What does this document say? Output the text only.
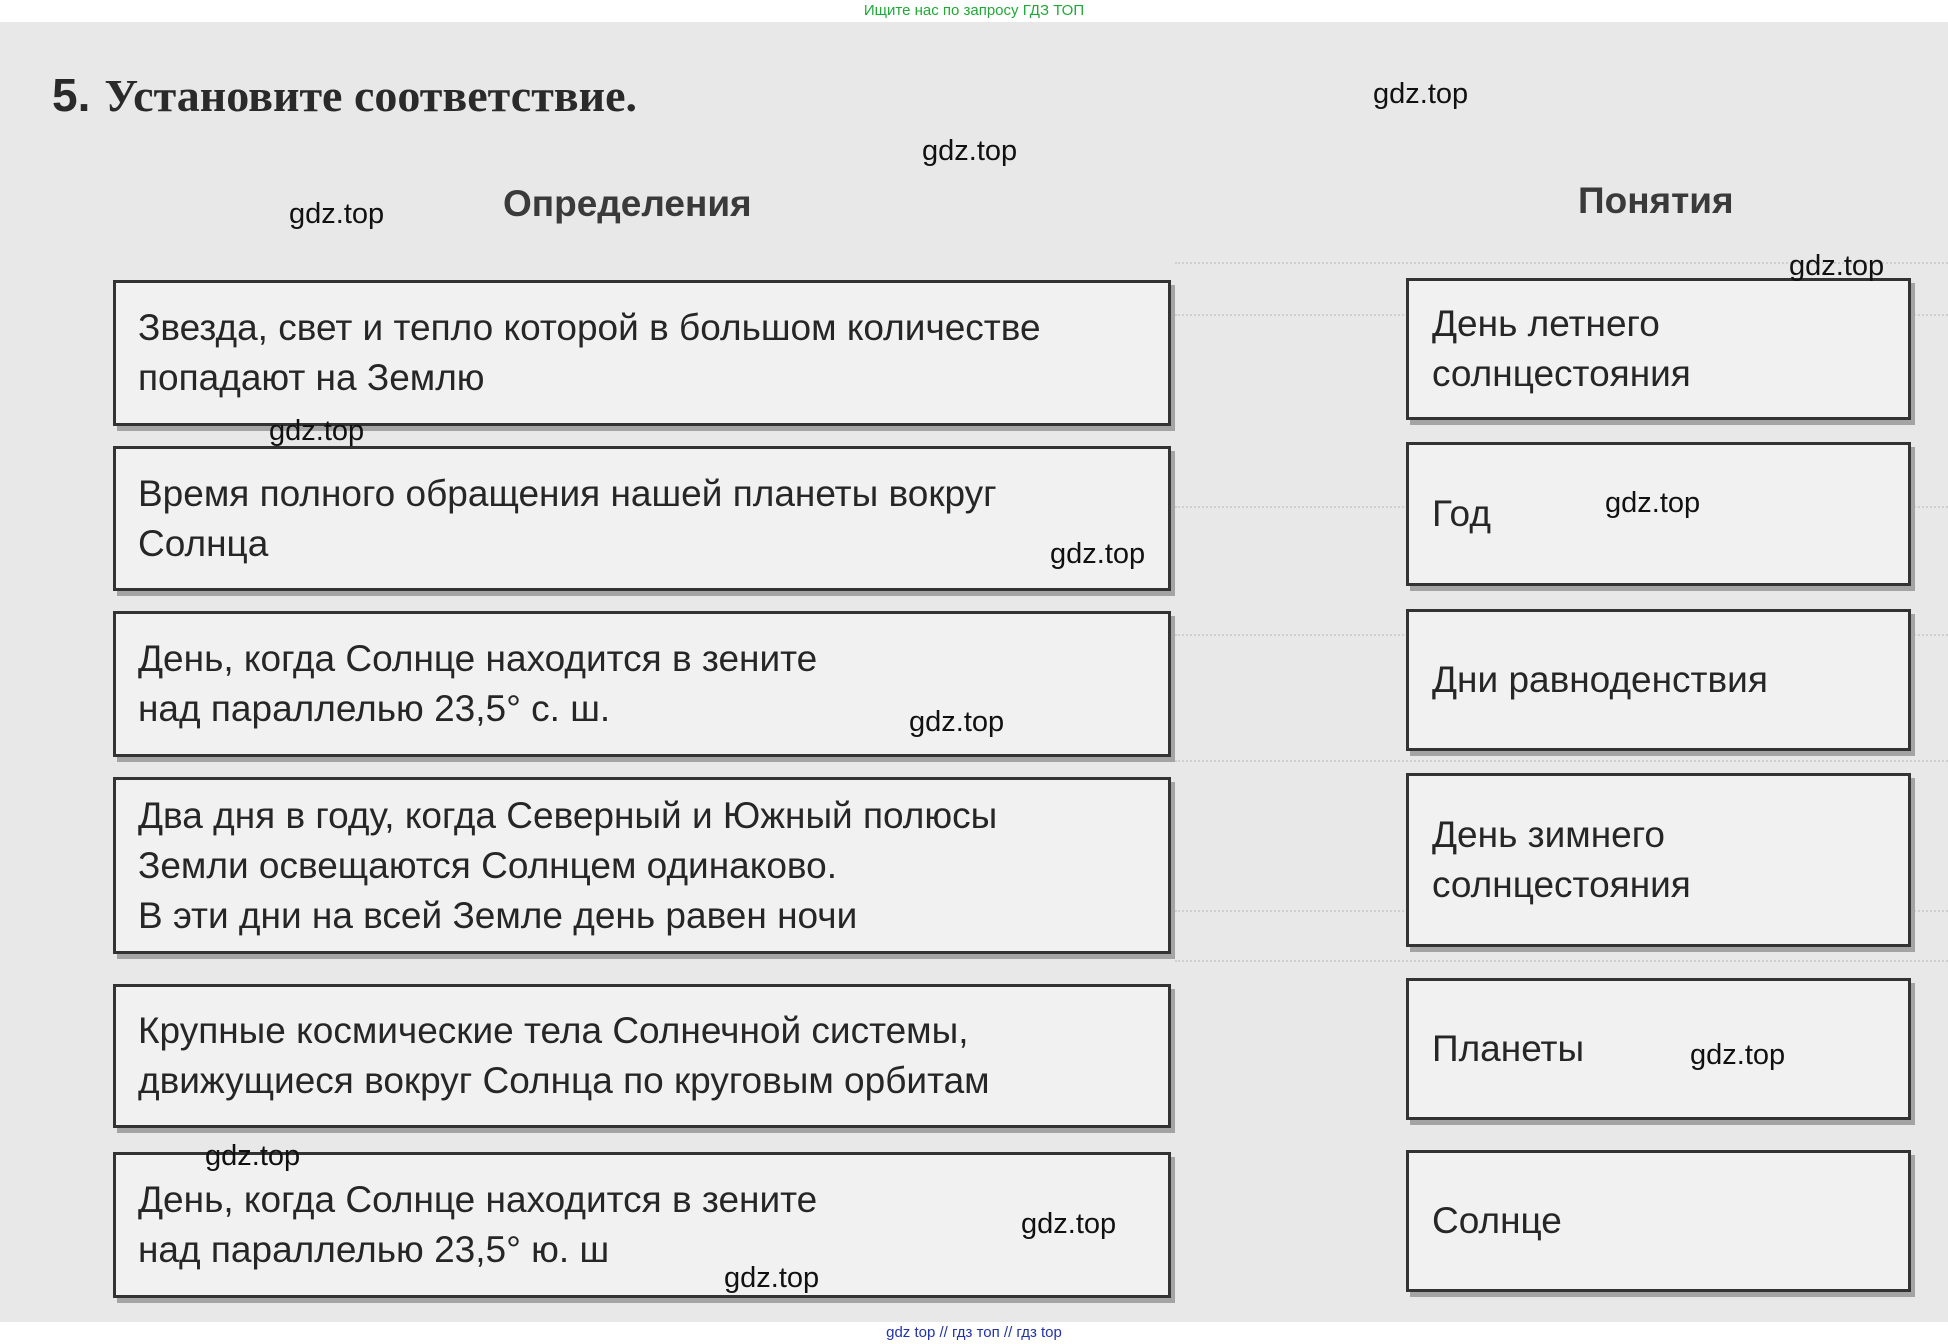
Ищите нас по запросу ГДЗ ТОП
5. Установите соответствие.
Определения	Понятия
Звезда, свет и тепло которой в большом количестве
попадают на Землю
Время полного обращения нашей планеты вокруг
Солнца
День, когда Солнце находится в зените
над параллелью 23,5° с. ш.
Два дня в году, когда Северный и Южный полюсы
Земли освещаются Солнцем одинаково.
В эти дни на всей Земле день равен ночи
Крупные космические тела Солнечной системы,
движущиеся вокруг Солнца по круговым орбитам
День, когда Солнце находится в зените
над параллелью 23,5° ю. ш
День летнего
солнцестояния
Год
Дни равноденствия
День зимнего
солнцестояния
Планеты
Солнце
gdz.top
gdz.top
gdz.top
gdz.top
gdz.top
gdz.top
gdz.top
gdz.top
gdz.top
gdz.top
gdz.top
gdz.top
gdz top // гдз топ // гдз top
